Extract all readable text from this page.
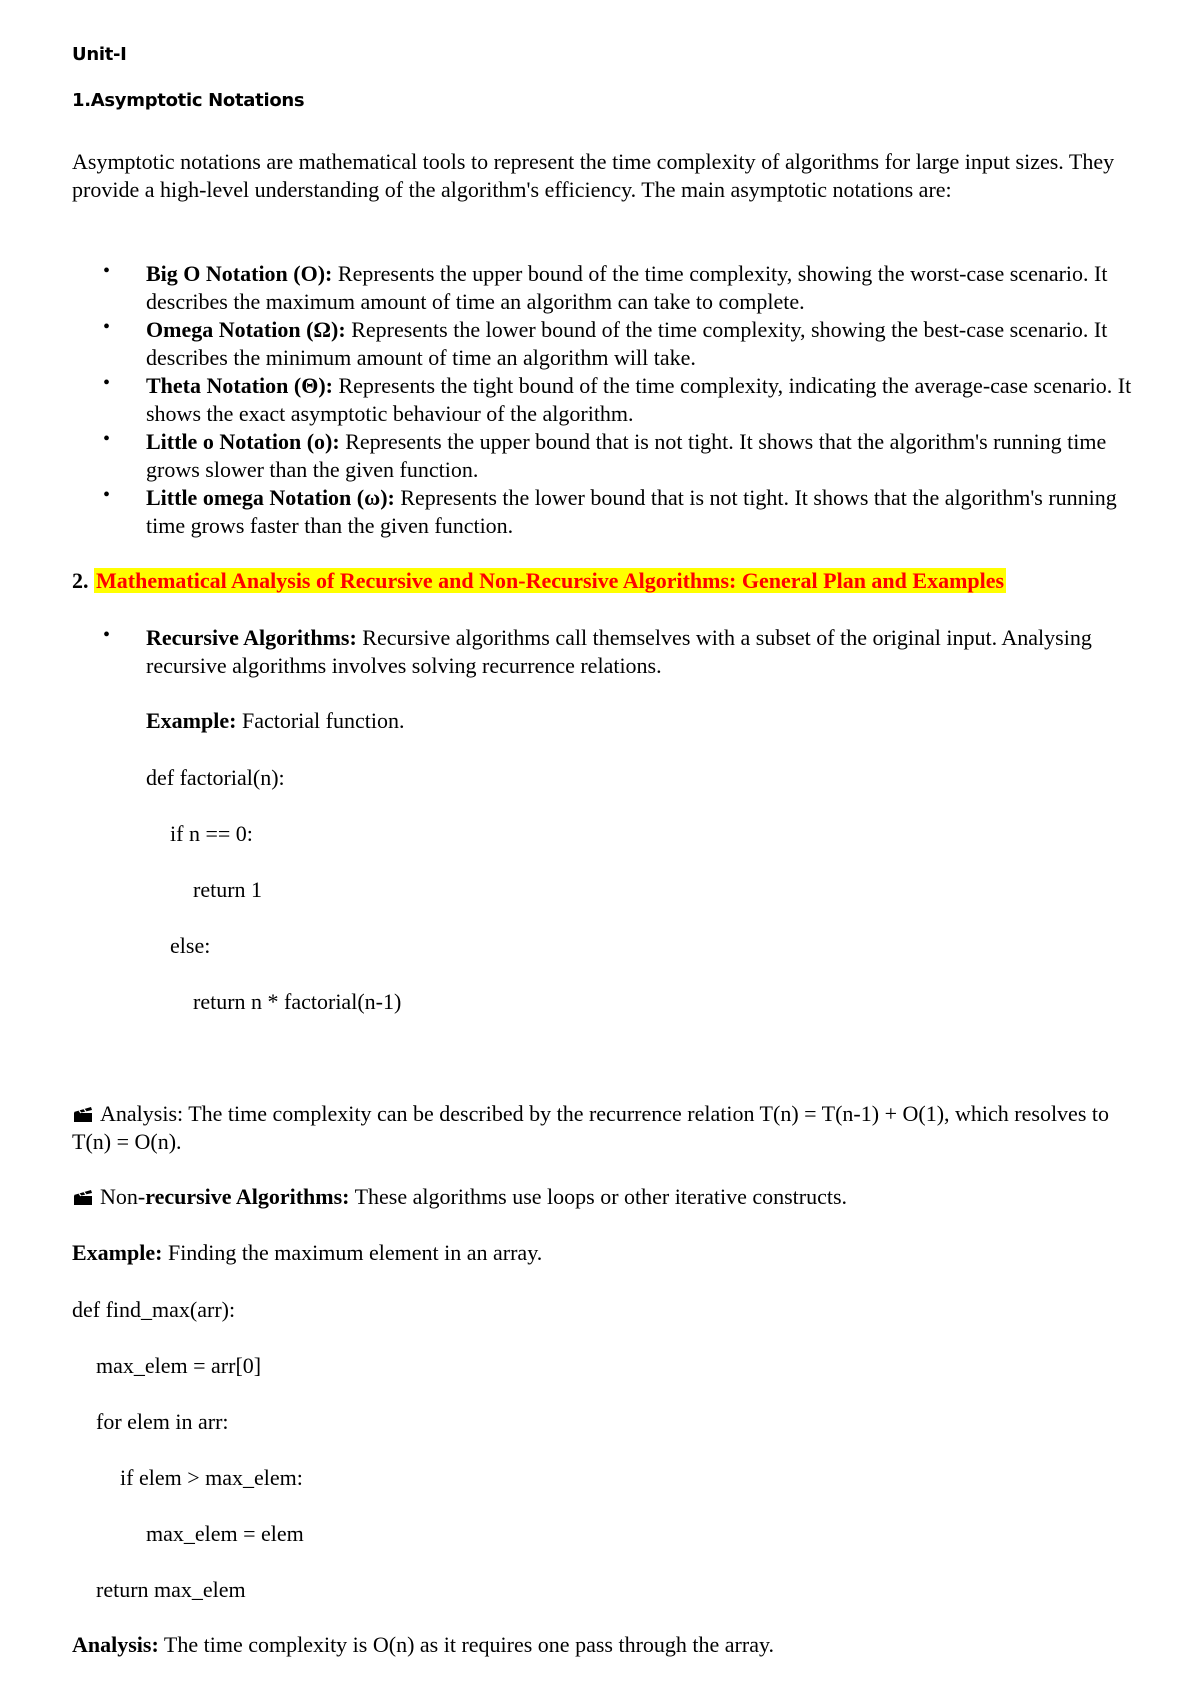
Unit-I
1.Asymptotic Notations
Asymptotic notations are mathematical tools to represent the time complexity of algorithms for large input sizes. They provide a high-level understanding of the algorithm's efficiency. The main asymptotic notations are:
• Big O Notation (O): Represents the upper bound of the time complexity, showing the worst-case scenario. It describes the maximum amount of time an algorithm can take to complete.
• Omega Notation (Ω): Represents the lower bound of the time complexity, showing the best-case scenario. It describes the minimum amount of time an algorithm will take.
• Theta Notation (Θ): Represents the tight bound of the time complexity, indicating the average-case scenario. It shows the exact asymptotic behaviour of the algorithm.
• Little o Notation (o): Represents the upper bound that is not tight. It shows that the algorithm's running time grows slower than the given function.
• Little omega Notation (ω): Represents the lower bound that is not tight. It shows that the algorithm's running time grows faster than the given function.
2. Mathematical Analysis of Recursive and Non-Recursive Algorithms: General Plan and Examples
• Recursive Algorithms: Recursive algorithms call themselves with a subset of the original input. Analysing recursive algorithms involves solving recurrence relations.
Example: Factorial function.
def factorial(n):
if n == 0:
return 1
else:
return n * factorial(n-1)
Analysis: The time complexity can be described by the recurrence relation T(n) = T(n-1) + O(1), which resolves to T(n) = O(n).
Non-recursive Algorithms: These algorithms use loops or other iterative constructs.
Example: Finding the maximum element in an array.
def find_max(arr):
max_elem = arr[0]
for elem in arr:
if elem > max_elem:
max_elem = elem
return max_elem
Analysis: The time complexity is O(n) as it requires one pass through the array.
